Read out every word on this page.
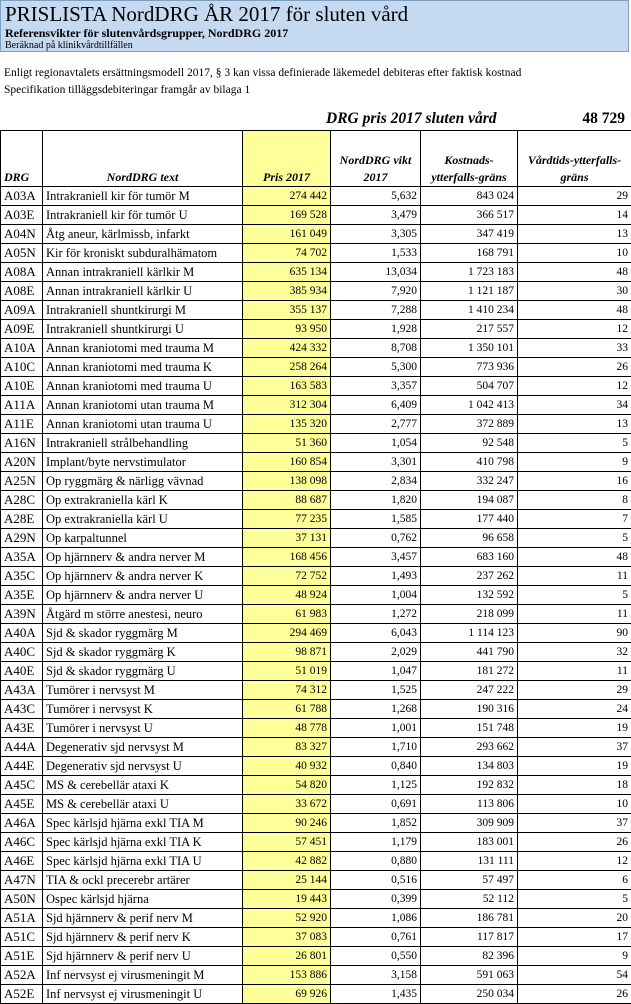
PRISLISTA NordDRG ÅR 2017 för sluten vård
Referensvikter för slutenvårdsgrupper, NordDRG 2017
Beräknad på klinikvårdtillfällen
Enligt regionavtalets ersättningsmodell 2017, § 3 kan vissa definierade läkemedel debiteras efter faktisk kostnad
Specifikation tilläggsdebiteringar framgår av bilaga 1
DRG pris 2017 sluten vård	48 729
DRG	NordDRG text	Pris 2017	NordDRG vikt 2017	Kostnads-ytterfalls-gräns	Vårdtids-ytterfalls-gräns
A03A	Intrakraniell kir för tumör M	274 442	5,632	843 024	29
A03E	Intrakraniell kir för tumör U	169 528	3,479	366 517	14
A04N	Åtg aneur, kärlmissb, infarkt	161 049	3,305	347 419	13
A05N	Kir för kroniskt subduralhämatom	74 702	1,533	168 791	10
A08A	Annan intrakraniell kärlkir M	635 134	13,034	1 723 183	48
A08E	Annan intrakraniell kärlkir U	385 934	7,920	1 121 187	30
A09A	Intrakraniell shuntkirurgi M	355 137	7,288	1 410 234	48
A09E	Intrakraniell shuntkirurgi U	93 950	1,928	217 557	12
A10A	Annan kraniotomi med trauma M	424 332	8,708	1 350 101	33
A10C	Annan kraniotomi med trauma K	258 264	5,300	773 936	26
A10E	Annan kraniotomi med trauma U	163 583	3,357	504 707	12
A11A	Annan kraniotomi utan trauma M	312 304	6,409	1 042 413	34
A11E	Annan kraniotomi utan trauma U	135 320	2,777	372 889	13
A16N	Intrakraniell strålbehandling	51 360	1,054	92 548	5
A20N	Implant/byte nervstimulator	160 854	3,301	410 798	9
A25N	Op ryggmärg & närligg vävnad	138 098	2,834	332 247	16
A28C	Op extrakraniella kärl K	88 687	1,820	194 087	8
A28E	Op extrakraniella kärl U	77 235	1,585	177 440	7
A29N	Op karpaltunnel	37 131	0,762	96 658	5
A35A	Op hjärnnerv & andra nerver M	168 456	3,457	683 160	48
A35C	Op hjärnnerv & andra nerver K	72 752	1,493	237 262	11
A35E	Op hjärnnerv & andra nerver U	48 924	1,004	132 592	5
A39N	Åtgärd m större anestesi, neuro	61 983	1,272	218 099	11
A40A	Sjd & skador ryggmärg M	294 469	6,043	1 114 123	90
A40C	Sjd & skador ryggmärg K	98 871	2,029	441 790	32
A40E	Sjd & skador ryggmärg U	51 019	1,047	181 272	11
A43A	Tumörer i nervsyst M	74 312	1,525	247 222	29
A43C	Tumörer i nervsyst K	61 788	1,268	190 316	24
A43E	Tumörer i nervsyst U	48 778	1,001	151 748	19
A44A	Degenerativ sjd nervsyst M	83 327	1,710	293 662	37
A44E	Degenerativ sjd nervsyst U	40 932	0,840	134 803	19
A45C	MS & cerebellär ataxi K	54 820	1,125	192 832	18
A45E	MS & cerebellär ataxi U	33 672	0,691	113 806	10
A46A	Spec kärlsjd hjärna exkl TIA M	90 246	1,852	309 909	37
A46C	Spec kärlsjd hjärna exkl TIA K	57 451	1,179	183 001	26
A46E	Spec kärlsjd hjärna exkl TIA U	42 882	0,880	131 111	12
A47N	TIA & ockl precerebr artärer	25 144	0,516	57 497	6
A50N	Ospec kärlsjd hjärna	19 443	0,399	52 112	5
A51A	Sjd hjärnnerv & perif nerv M	52 920	1,086	186 781	20
A51C	Sjd hjärnnerv & perif nerv K	37 083	0,761	117 817	17
A51E	Sjd hjärnnerv & perif nerv U	26 801	0,550	82 396	9
A52A	Inf nervsyst ej virusmeningit M	153 886	3,158	591 063	54
A52E	Inf nervsyst ej virusmeningit U	69 926	1,435	250 034	26
